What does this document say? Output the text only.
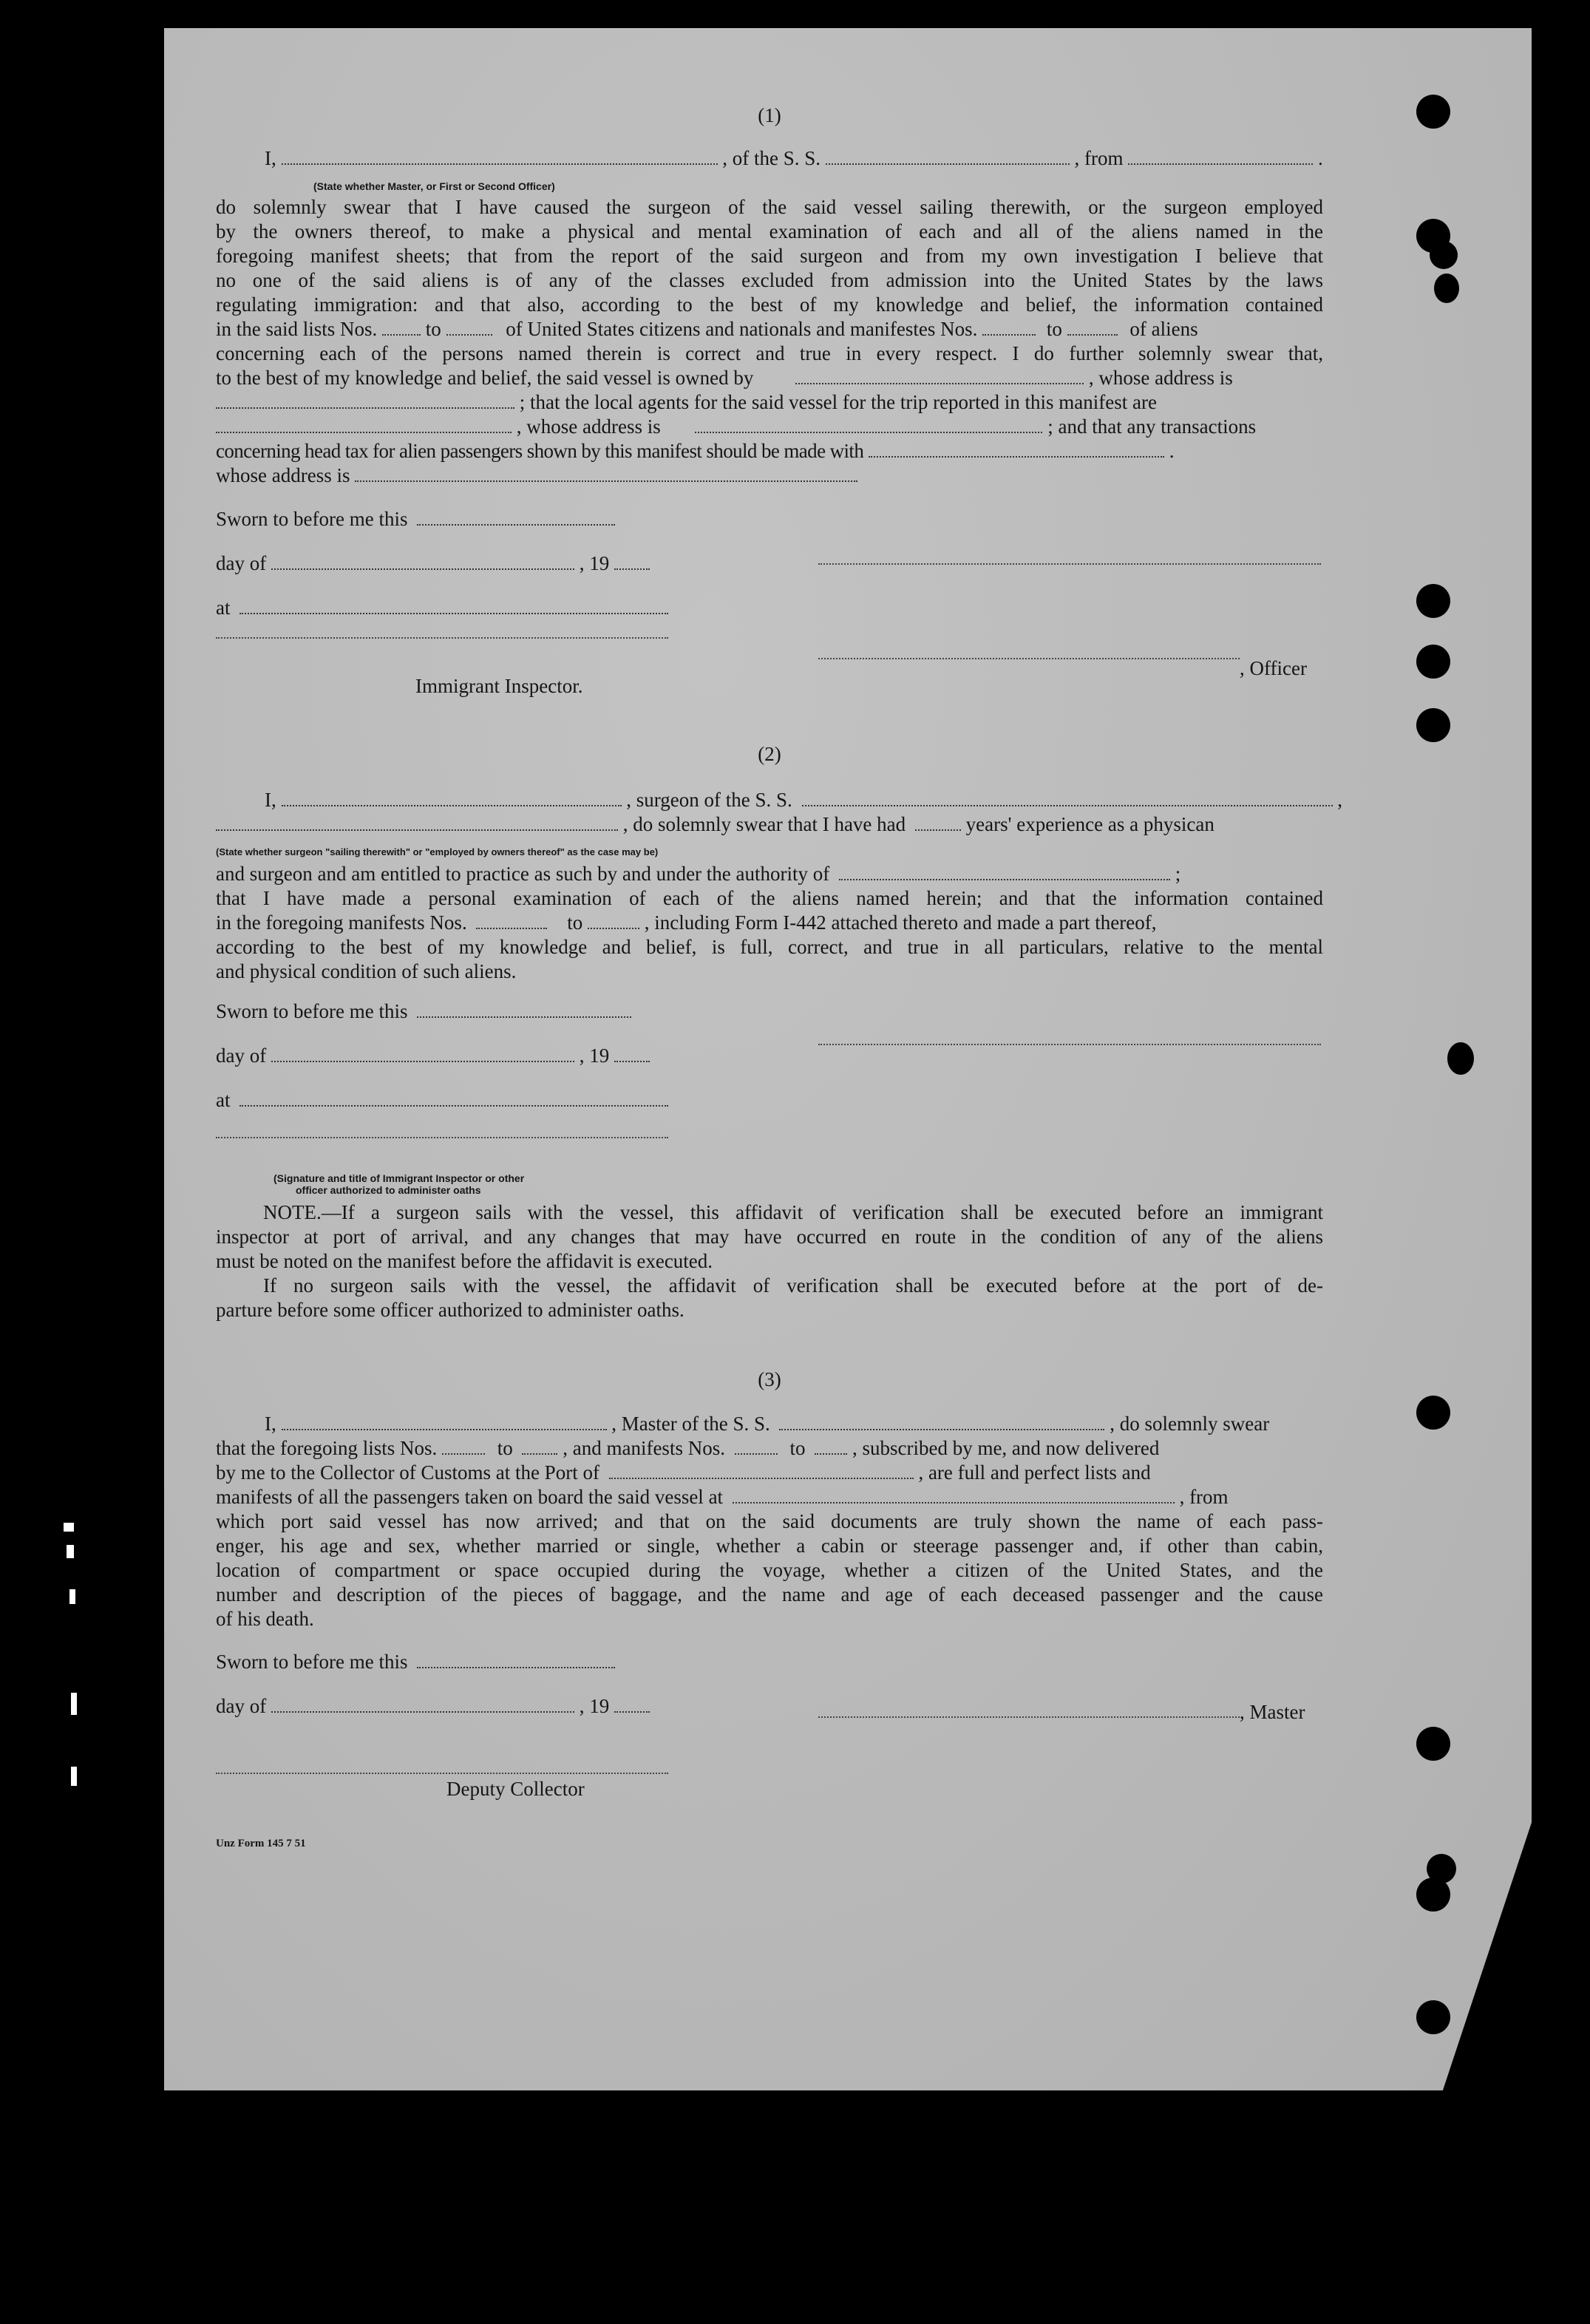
(1)
I,	, of the S. S.	, from	.
(State whether Master, or First or Second Officer)
do solemnly swear that I have caused the surgeon of the said vessel sailing therewith, or the surgeon employed
by the owners thereof, to make a physical and mental examination of each and all of the aliens named in the
foregoing manifest sheets; that from the report of the said surgeon and from my own investigation I believe that
no one of the said aliens is of any of the classes excluded from admission into the United States by the laws
regulating immigration: and that also, according to the best of my knowledge and belief, the information contained
in the said lists Nos. to	of United States citizens and nationals and manifestes Nos.	to	of aliens
concerning each of the persons named therein is correct and true in every respect. I do further solemnly swear that,
to the best of my knowledge and belief, the said vessel is owned by	, whose address is
; that the local agents for the said vessel for the trip reported in this manifest are
, whose address is	; and that any transactions
concerning head tax for alien passengers shown by this manifest should be made with	.
whose address is
Sworn to before me this
day of	, 19
at
Immigrant Inspector.
, Officer
(2)
I,	, surgeon of the S. S.	,
, do solemnly swear that I have had	years' experience as a physican
(State whether surgeon "sailing therewith" or "employed by owners thereof" as the case may be)
and surgeon and am entitled to practice as such by and under the authority of	;
that I have made a personal examination of each of the aliens named herein; and that the information contained
in the foregoing manifests Nos.	to	, including Form I-442 attached thereto and made a part thereof,
according to the best of my knowledge and belief, is full, correct, and true in all particulars, relative to the mental
and physical condition of such aliens.
Sworn to before me this
day of	, 19
at
(Signature and title of Immigrant Inspector or other
officer authorized to administer oaths
NOTE.—If a surgeon sails with the vessel, this affidavit of verification shall be executed before an immigrant
inspector at port of arrival, and any changes that may have occurred en route in the condition of any of the aliens
must be noted on the manifest before the affidavit is executed.
If no surgeon sails with the vessel, the affidavit of verification shall be executed before at the port of de-
parture before some officer authorized to administer oaths.
(3)
I,	, Master of the S. S.	, do solemnly swear
that the foregoing lists Nos.	to	, and manifests Nos.	to , subscribed by me, and now delivered
by me to the Collector of Customs at the Port of	, are full and perfect lists and
manifests of all the passengers taken on board the said vessel at	, from
which port said vessel has now arrived; and that on the said documents are truly shown the name of each pass-
enger, his age and sex, whether married or single, whether a cabin or steerage passenger and, if other than cabin,
location of compartment or space occupied during the voyage, whether a citizen of the United States, and the
number and description of the pieces of baggage, and the name and age of each deceased passenger and the cause
of his death.
Sworn to before me this
day of	, 19	, Master
Deputy Collector
Unz Form 145 7 51
